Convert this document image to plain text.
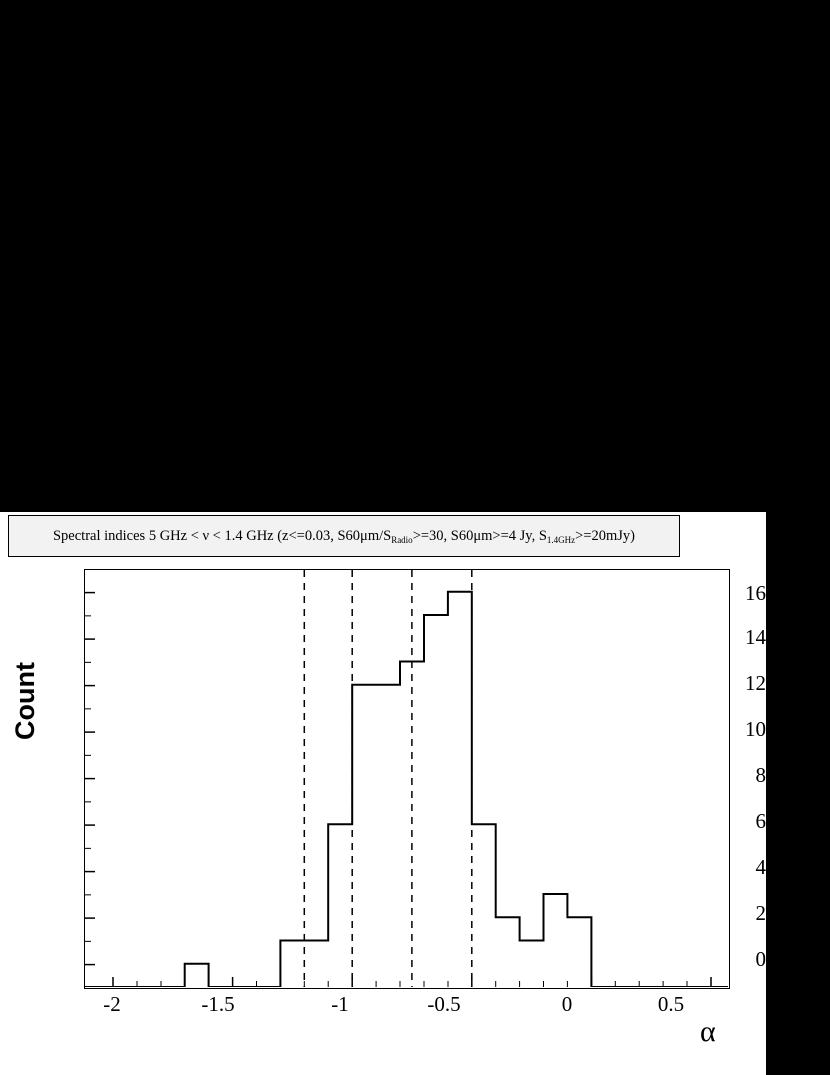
Spectral indices 5 GHz < ν < 1.4 GHz (z<=0.03, $S60\mu m/S_{Radio}>=30$, S60μm>=4 Jy, $S_{1.4GHz}>=20mJy$)
Count
α
16
14
12
10
8
6
4
2
0
-2	-1.5	-1	-0.5	0	0.5
